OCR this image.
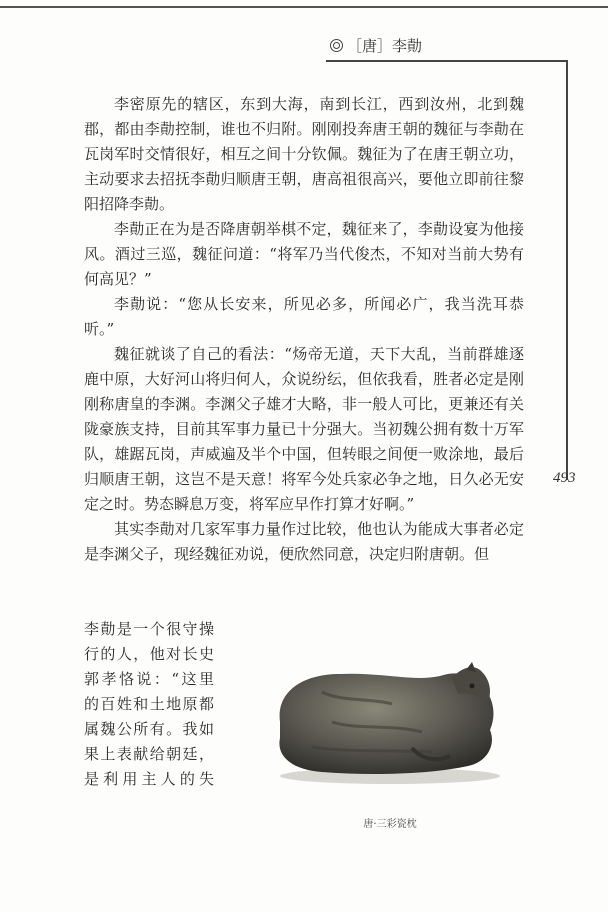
［唐］李勣
493

李密原先的辖区，东到大海，南到长江，西到汝州，北到魏郡，都由李勣控制，谁也不归附。刚刚投奔唐王朝的魏征与李勣在瓦岗军时交情很好，相互之间十分钦佩。魏征为了在唐王朝立功，主动要求去招抚李勣归顺唐王朝，唐高祖很高兴，要他立即前往黎阳招降李勣。

李勣正在为是否降唐朝举棋不定，魏征来了，李勣设宴为他接风。酒过三巡，魏征问道：“将军乃当代俊杰，不知对当前大势有何高见？”

李勣说：“您从长安来，所见必多，所闻必广，我当洗耳恭听。”

魏征就谈了自己的看法：“炀帝无道，天下大乱，当前群雄逐鹿中原，大好河山将归何人，众说纷纭，但依我看，胜者必定是刚刚称唐皇的李渊。李渊父子雄才大略，非一般人可比，更兼还有关陇豪族支持，目前其军事力量已十分强大。当初魏公拥有数十万军队，雄踞瓦岗，声威遍及半个中国，但转眼之间便一败涂地，最后归顺唐王朝，这岂不是天意！将军今处兵家必争之地，日久必无安定之时。势态瞬息万变，将军应早作打算才好啊。”

其实李勣对几家军事力量作过比较，他也认为能成大事者必定是李渊父子，现经魏征劝说，便欣然同意，决定归附唐朝。但

李勣是一个很守操
行的人，他对长史
郭孝恪说：“这里
的百姓和土地原都
属魏公所有。我如
果上表献给朝廷，
是利用主人的失
唐·三彩瓷枕
